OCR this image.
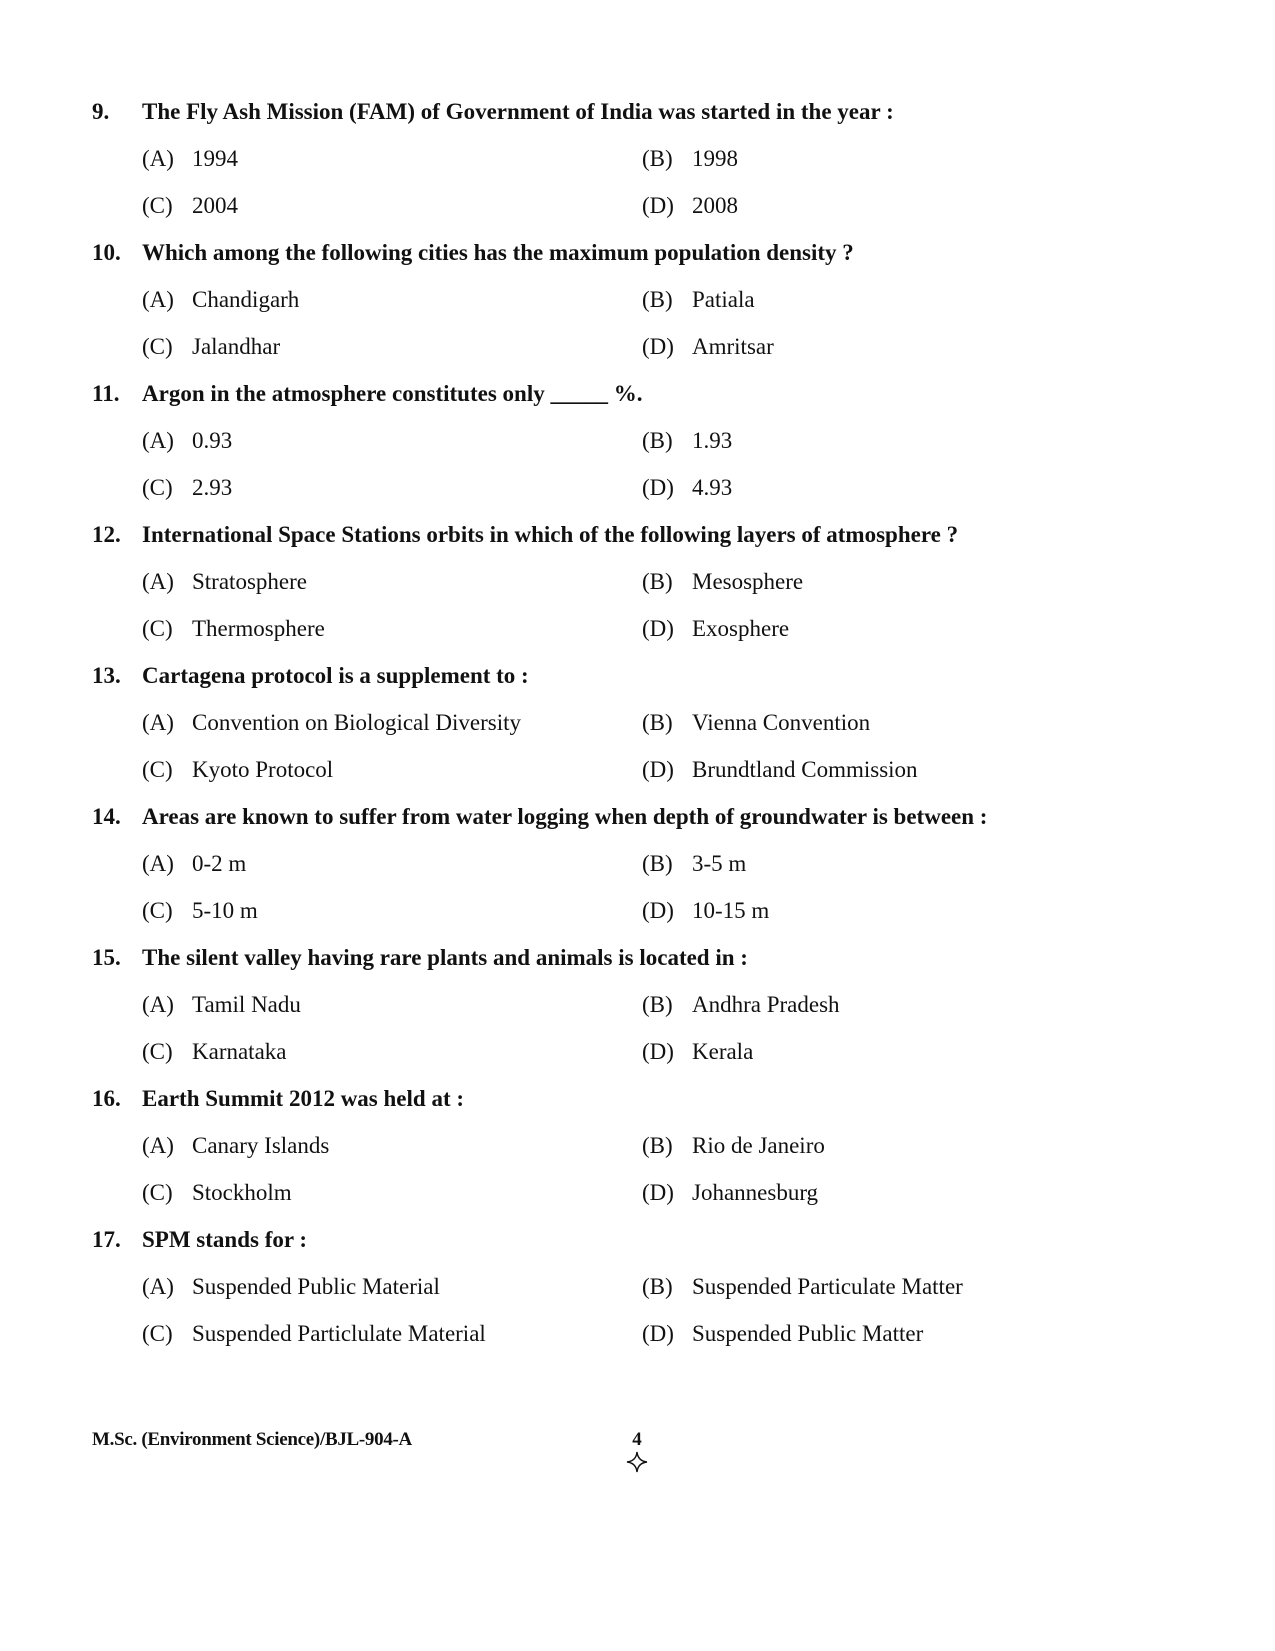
9. The Fly Ash Mission (FAM) of Government of India was started in the year :
(A) 1994	(B) 1998
(C) 2004	(D) 2008
10. Which among the following cities has the maximum population density ?
(A) Chandigarh	(B) Patiala
(C) Jalandhar	(D) Amritsar
11. Argon in the atmosphere constitutes only _____ %.
(A) 0.93	(B) 1.93
(C) 2.93	(D) 4.93
12. International Space Stations orbits in which of the following layers of atmosphere ?
(A) Stratosphere	(B) Mesosphere
(C) Thermosphere	(D) Exosphere
13. Cartagena protocol is a supplement to :
(A) Convention on Biological Diversity	(B) Vienna Convention
(C) Kyoto Protocol	(D) Brundtland Commission
14. Areas are known to suffer from water logging when depth of groundwater is between :
(A) 0-2 m	(B) 3-5 m
(C) 5-10 m	(D) 10-15 m
15. The silent valley having rare plants and animals is located in :
(A) Tamil Nadu	(B) Andhra Pradesh
(C) Karnataka	(D) Kerala
16. Earth Summit 2012 was held at :
(A) Canary Islands	(B) Rio de Janeiro
(C) Stockholm	(D) Johannesburg
17. SPM stands for :
(A) Suspended Public Material	(B) Suspended Particulate Matter
(C) Suspended Particlulate Material	(D) Suspended Public Matter
M.Sc. (Environment Science)/BJL-904-A	4
